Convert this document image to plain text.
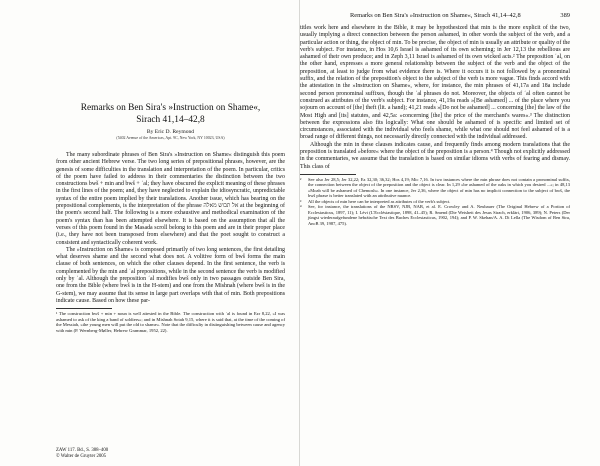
Remarks on Ben Sira's »Instruction on Shame«,
Sirach 41,14–42,8
By Eric D. Reymond
(5402 Avenue of the Americas, Apt. 9C, New York, NY 10023, USA)

The many subordinate phrases of Ben Sira's »Instruction on Shame« distinguish this poem from other ancient Hebrew verse. The two long series of prepositional phrases, however, are the genesis of some difficulties in the translation and interpretation of the poem. In particular, critics of the poem have failed to address in their commentaries the distinction between the two constructions ​bwš + min and bwš + ʿal; they have obscured the explicit meaning of these phrases in the first lines of the poem; and, they have neglected to explain the idiosyncratic, unpredictable syntax of the entire poem implied by their translations. Another issue, which has bearing on the prepositional complements, is the interpretation of the phrase אל תבוש מאלה at the beginning of the poem's second half. The following is a more exhaustive and methodical examination of the poem's syntax than has been attempted elsewhere. It is based on the assumption that all the verses of this poem found in the Masada scroll belong to this poem and are in their proper place (i.e., they have not been transposed from elsewhere) and that the poet sought to construct a consistent and syntactically coherent work.

The »Instruction on Shame« is composed primarily of two long sentences, the first detailing what deserves shame and the second what does not. A volitive form of bwš forms the main clause of both sentences, on which the other clauses depend. In the first sentence, the verb is complemented by the min and ʿal prepositions, while in the second sentence the verb is modified only by ʿal. Although the preposition ʿal modifies bwš only in two passages outside Ben Sira, one from the Bible (where bwš is in the H-stem) and one from the Mishnah (where bwš is in the G-stem), we may assume that its sense in large part overlaps with that of min. Both prepositions indicate cause. Based on how these par-

¹ The construction bwš + min + noun is well attested in the Bible. The construction with ʿal is found in Ezr 8,22, »I was ashamed to ask of the king a band of soldiers«; and in Mishnah Sotah 9,15, where it is said that, at the time of the coming of the Messiah, »the young men will put the old to shame«. Note that the difficulty in distinguishing between cause and agency with min (P. Wernberg-Møller, Hebrew Grammar, 1952, 22).

ZAW 117. Bd., S. 388–400
© Walter de Gruyter 2005
Remarks on Ben Sira's »Instruction on Shame«, Sirach 41,14–42,8	389

titles work here and elsewhere in the Bible, it may be hypothesized that min is the more explicit of the two, usually implying a direct connection between the person ashamed, in other words the subject of the verb, and a particular action or thing, the object of min. To be precise, the object of min is usually an attribute or quality of the verb's subject. For instance, in Hos 10,6 Israel is ashamed of its own scheming; in Jer 12,13 the rebellious are ashamed of their own produce; and in Zeph 3,11 Israel is ashamed of its own wicked acts.² The preposition ʿal, on the other hand, expresses a more general relationship between the subject of the verb and the object of the preposition, at least to judge from what evidence there is. Where it occurs it is not followed by a pronominal suffix, and the relation of the preposition's object to the subject of the verb is more vague. This finds accord with the attestation in the »Instruction on Shame«, where, for instance, the min phrases of 41,17a and 18a include second person pronominal suffixes, though the ʿal phrases do not. Moreover, the objects of ʿal often cannot be construed as attributes of the verb's subject. For instance, 41,19a reads »[Be ashamed] ... of the place where you sojourn on account of [the] theft (lit. a hand); 41,21 reads »[Do not be ashamed] ... concerning [the] the law of the Most High and [its] statutes, and 42,5a: »concerning [the] the price of the merchant's wares«.³ The distinction between the expressions also fits logically: What one should be ashamed of is specific and limited set of circumstances, associated with the individual who feels shame, while what one should not feel ashamed of is a broad range of different things, not necessarily directly connected with the individual addressed.

Although the min in these clauses indicates cause, and frequently finds among modern translations that the preposition is translated »before« where the object of the preposition is a person.⁴ Though not explicitly addressed in the commentaries, we assume that the translation is based on similar idioms with verbs of fearing and dismay. This class of

²	See also Jer 28,5; Jer 32,22; Ez 32,30; 36,32; Hos 4,19; Mic 7,16. In two instances where the min phrase does not contain a pronominal suffix, the connection between the object of the preposition and the object is clear. In 1,29 »be ashamed of the oaks in which you desired ...«; in 48,13 »Moab will be ashamed of Chemosh«. In one instance, Jer 2,36, where the object of min has no implicit connection to the subject of bwš, the bwš phrase is better translated with an attributive nuance.
³	All the objects of min here can be interpreted as attributes of the verb's subject.
⁴	See, for instance, the translations of the NRSV, NJB, NAB, et al. E. Crowley and A. Neubauer (The Original Hebrew of a Portion of Ecclesiasticus, 1897, 11); I. Lévi (L'Ecclésiastique, 1898, 41–45); R. Smend (Die Weisheit des Jesus Sirach, erklärt, 1906, 389); N. Peters (Der jüngst wiederaufgefundene hebräische Text des Buches Ecclesiasticus, 1902, 194); and P. W. Skehan/A. A. Di Lella (The Wisdom of Ben Sira, AncB 39, 1987, 475).
